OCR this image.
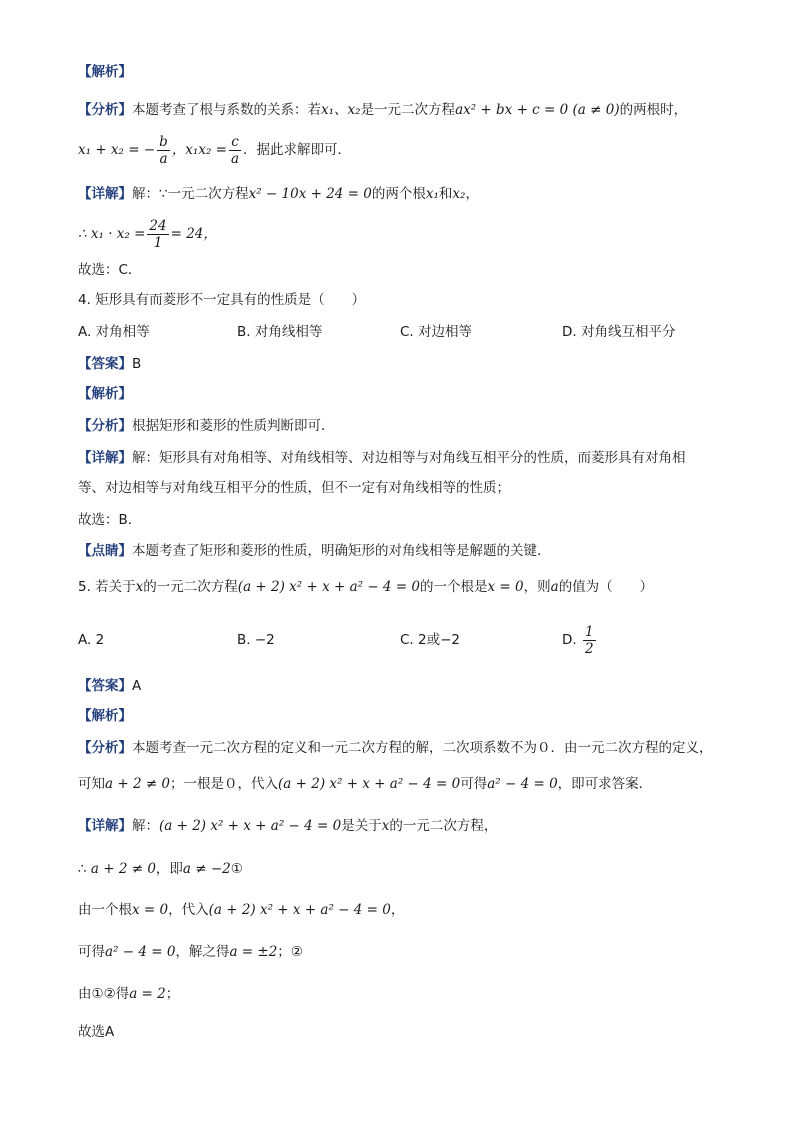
【解析】
【分析】本题考查了根与系数的关系：若x₁、x₂是一元二次方程ax² + bx + c = 0 (a ≠ 0)的两根时，
x₁ + x₂ = − $\frac{b}{a}$ ，$x_1x_2 = \frac{c}{a}$ ．据此求解即可．
【详解】解：∵一元二次方程x² − 10x + 24 = 0的两个根x₁和x₂，
∴ $x_1 \cdot x_2 = \frac{24}{1} = 24$，
故选：C．
4. 矩形具有而菱形不一定具有的性质是（　　）
A. 对角相等	B. 对角线相等	C. 对边相等	D. 对角线互相平分
【答案】B
【解析】
【分析】根据矩形和菱形的性质判断即可．
【详解】解：矩形具有对角相等、对角线相等、对边相等与对角线互相平分的性质，而菱形具有对角相
等、对边相等与对角线互相平分的性质，但不一定有对角线相等的性质；
故选：B．
【点睛】本题考查了矩形和菱形的性质，明确矩形的对角线相等是解题的关键．
5. 若关于x的一元二次方程(a + 2) x² + x + a² − 4 = 0的一个根是x = 0，则a的值为（　　）
A. 2	B. −2	C. 2或−2	D. $\frac{1}{2}$
【答案】A
【解析】
【分析】本题考查一元二次方程的定义和一元二次方程的解，二次项系数不为０．由一元二次方程的定义，
可知a + 2 ≠ 0；一根是０，代入(a + 2) x² + x + a² − 4 = 0可得a² − 4 = 0，即可求答案．
【详解】解：(a + 2) x² + x + a² − 4 = 0是关于x的一元二次方程，
∴ a + 2 ≠ 0，即a ≠ −2①
由一个根x = 0，代入(a + 2) x² + x + a² − 4 = 0，
可得a² − 4 = 0，解之得a = ±2；②
由①②得a = 2；
故选A
